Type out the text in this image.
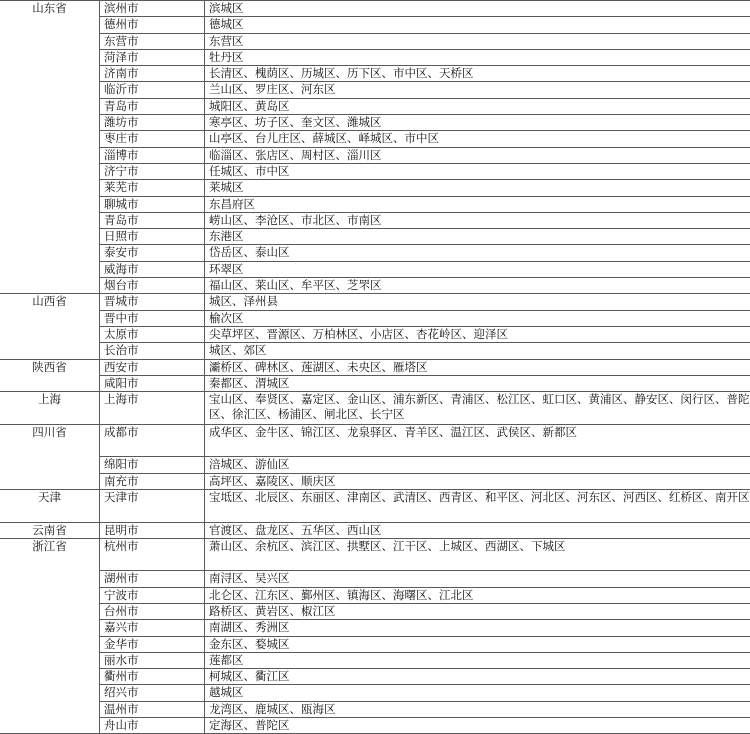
山东省	滨州市	滨城区
	德州市	德城区
	东营市	东营区
	菏泽市	牡丹区
	济南市	长清区、槐荫区、历城区、历下区、市中区、天桥区
	临沂市	兰山区、罗庄区、河东区
	青岛市	城阳区、黄岛区
	潍坊市	寒亭区、坊子区、奎文区、潍城区
	枣庄市	山亭区、台儿庄区、薛城区、峄城区、市中区
	淄博市	临淄区、张店区、周村区、淄川区
	济宁市	任城区、市中区
	莱芜市	莱城区
	聊城市	东昌府区
	青岛市	崂山区、李沧区、市北区、市南区
	日照市	东港区
	泰安市	岱岳区、泰山区
	威海市	环翠区
	烟台市	福山区、莱山区、牟平区、芝罘区
山西省	晋城市	城区、泽州县
	晋中市	榆次区
	太原市	尖草坪区、晋源区、万柏林区、小店区、杏花岭区、迎泽区
	长治市	城区、郊区
陕西省	西安市	灞桥区、碑林区、莲湖区、未央区、雁塔区
	咸阳市	秦都区、渭城区
上海	上海市	宝山区、奉贤区、嘉定区、金山区、浦东新区、青浦区、松江区、虹口区、黄浦区、静安区、闵行区、普陀区、徐汇区、杨浦区、闸北区、长宁区
四川省	成都市	成华区、金牛区、锦江区、龙泉驿区、青羊区、温江区、武侯区、新都区
	绵阳市	涪城区、游仙区
	南充市	高坪区、嘉陵区、顺庆区
天津	天津市	宝坻区、北辰区、东丽区、津南区、武清区、西青区、和平区、河北区、河东区、河西区、红桥区、南开区
云南省	昆明市	官渡区、盘龙区、五华区、西山区
浙江省	杭州市	萧山区、余杭区、滨江区、拱墅区、江干区、上城区、西湖区、下城区
	湖州市	南浔区、吴兴区
	宁波市	北仑区、江东区、鄞州区、镇海区、海曙区、江北区
	台州市	路桥区、黄岩区、椒江区
	嘉兴市	南湖区、秀洲区
	金华市	金东区、婺城区
	丽水市	莲都区
	衢州市	柯城区、衢江区
	绍兴市	越城区
	温州市	龙湾区、鹿城区、瓯海区
	舟山市	定海区、普陀区
